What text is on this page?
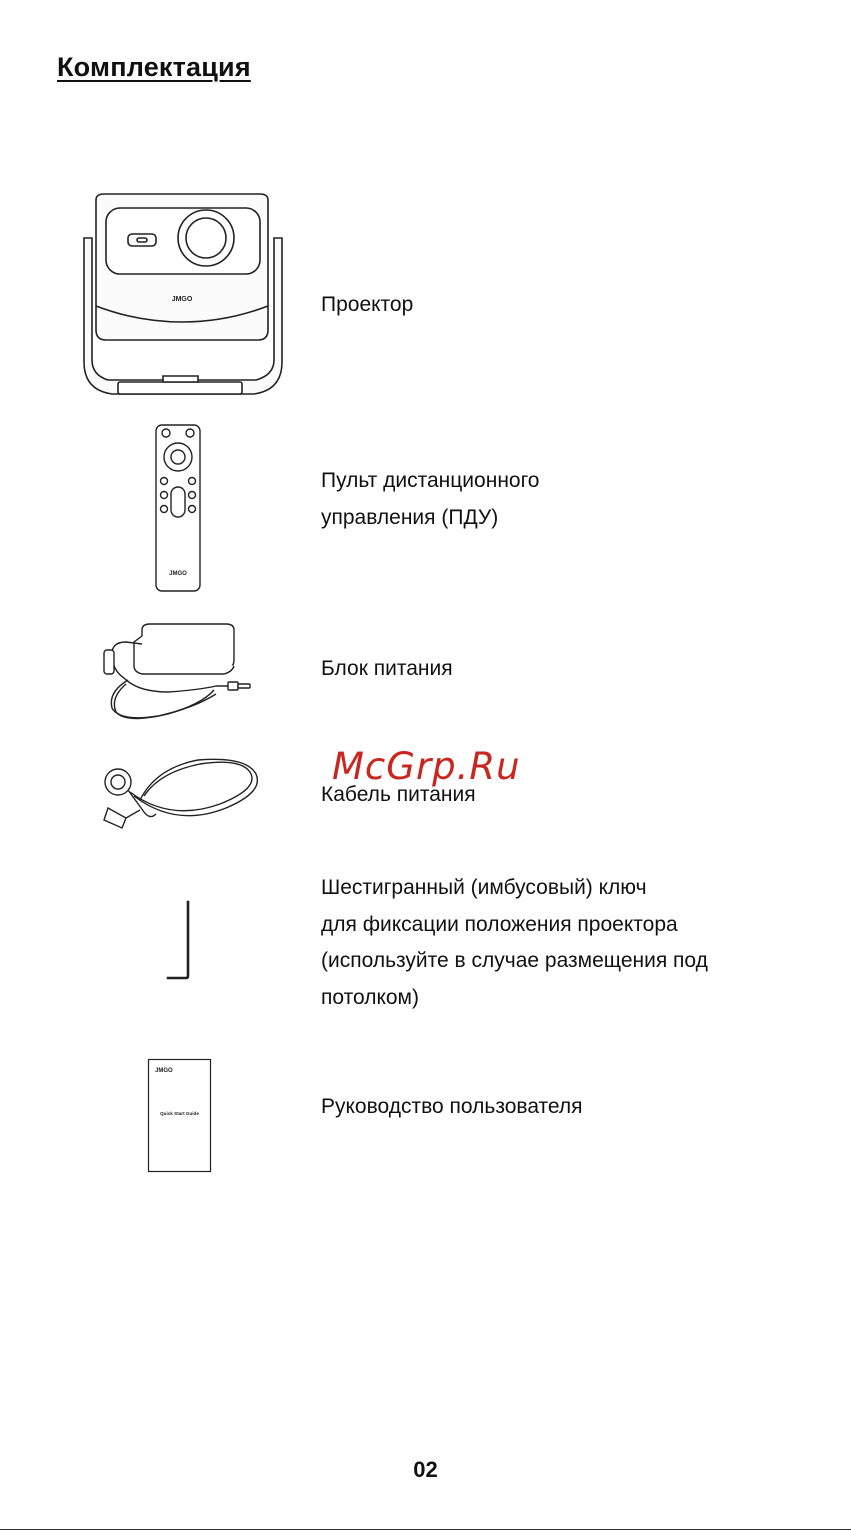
Комплектация
JMGO	Проектор
JMGO
Пульт дистанционного
управления (ПДУ)
Блок питания
Кабель питания
McGrp.Ru
Шестигранный (имбусовый) ключ
для фиксации положения проектора
(используйте в случае размещения под
потолком)
JMGO
Quick Start Guide	Руководство пользователя
02
